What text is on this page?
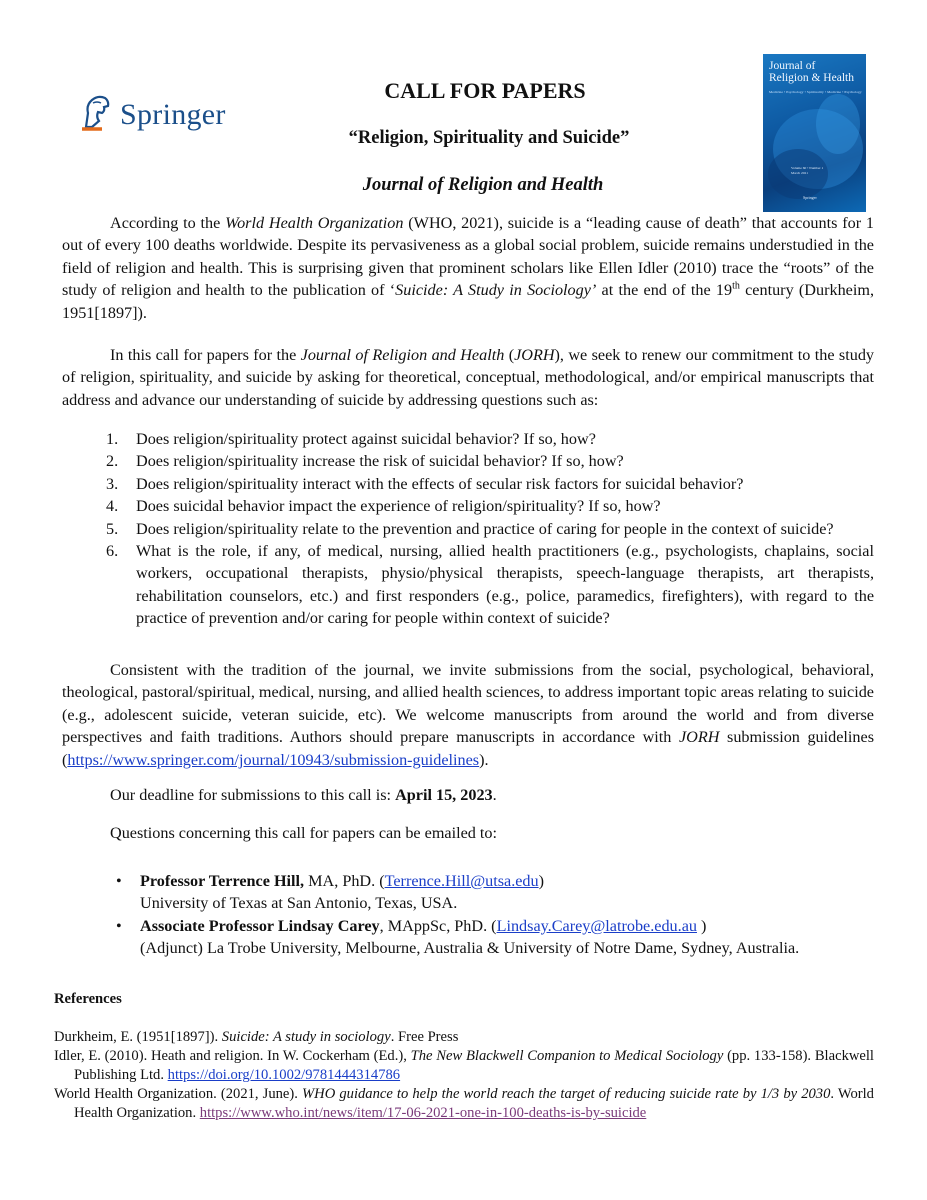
Springer
Journal of
Religion & Health
Medicine • Psychology • Spirituality • Medicine • Psychology
Volume 60 • Number 1
March 2021
Springer
CALL FOR PAPERS
“Religion, Spirituality and Suicide”
Journal of Religion and Health

According to the World Health Organization (WHO, 2021), suicide is a “leading cause of death” that accounts for 1 out of every 100 deaths worldwide. Despite its pervasiveness as a global social problem, suicide remains understudied in the field of religion and health. This is surprising given that prominent scholars like Ellen Idler (2010) trace the “roots” of the study of religion and health to the publication of ‘Suicide: A Study in Sociology’ at the end of the 19th century (Durkheim, 1951[1897]).

In this call for papers for the Journal of Religion and Health (JORH), we seek to renew our commitment to the study of religion, spirituality, and suicide by asking for theoretical, conceptual, methodological, and/or empirical manuscripts that address and advance our understanding of suicide by addressing questions such as:

1. Does religion/spirituality protect against suicidal behavior? If so, how?
2. Does religion/spirituality increase the risk of suicidal behavior? If so, how?
3. Does religion/spirituality interact with the effects of secular risk factors for suicidal behavior?
4. Does suicidal behavior impact the experience of religion/spirituality? If so, how?
5. Does religion/spirituality relate to the prevention and practice of caring for people in the context of suicide?
6. What is the role, if any, of medical, nursing, allied health practitioners (e.g., psychologists, chaplains, social workers, occupational therapists, physio/physical therapists, speech-language therapists, art therapists, rehabilitation counselors, etc.) and first responders (e.g., police, paramedics, firefighters), with regard to the practice of prevention and/or caring for people within context of suicide?

Consistent with the tradition of the journal, we invite submissions from the social, psychological, behavioral, theological, pastoral/spiritual, medical, nursing, and allied health sciences, to address important topic areas relating to suicide (e.g., adolescent suicide, veteran suicide, etc). We welcome manuscripts from around the world and from diverse perspectives and faith traditions. Authors should prepare manuscripts in accordance with JORH submission guidelines (https://www.springer.com/journal/10943/submission-guidelines).

Our deadline for submissions to this call is: April 15, 2023.
Questions concerning this call for papers can be emailed to:
• Professor Terrence Hill, MA, PhD. (Terrence.Hill@utsa.edu)
University of Texas at San Antonio, Texas, USA.
• Associate Professor Lindsay Carey, MAppSc, PhD. (Lindsay.Carey@latrobe.edu.au )
(Adjunct) La Trobe University, Melbourne, Australia & University of Notre Dame, Sydney, Australia.
References

Durkheim, E. (1951[1897]). Suicide: A study in sociology. Free Press

Idler, E. (2010). Heath and religion. In W. Cockerham (Ed.), The New Blackwell Companion to Medical Sociology (pp. 133-158). Blackwell Publishing Ltd. https://doi.org/10.1002/9781444314786

World Health Organization. (2021, June). WHO guidance to help the world reach the target of reducing suicide rate by 1/3 by 2030. World Health Organization. https://www.who.int/news/item/17-06-2021-one-in-100-deaths-is-by-suicide
